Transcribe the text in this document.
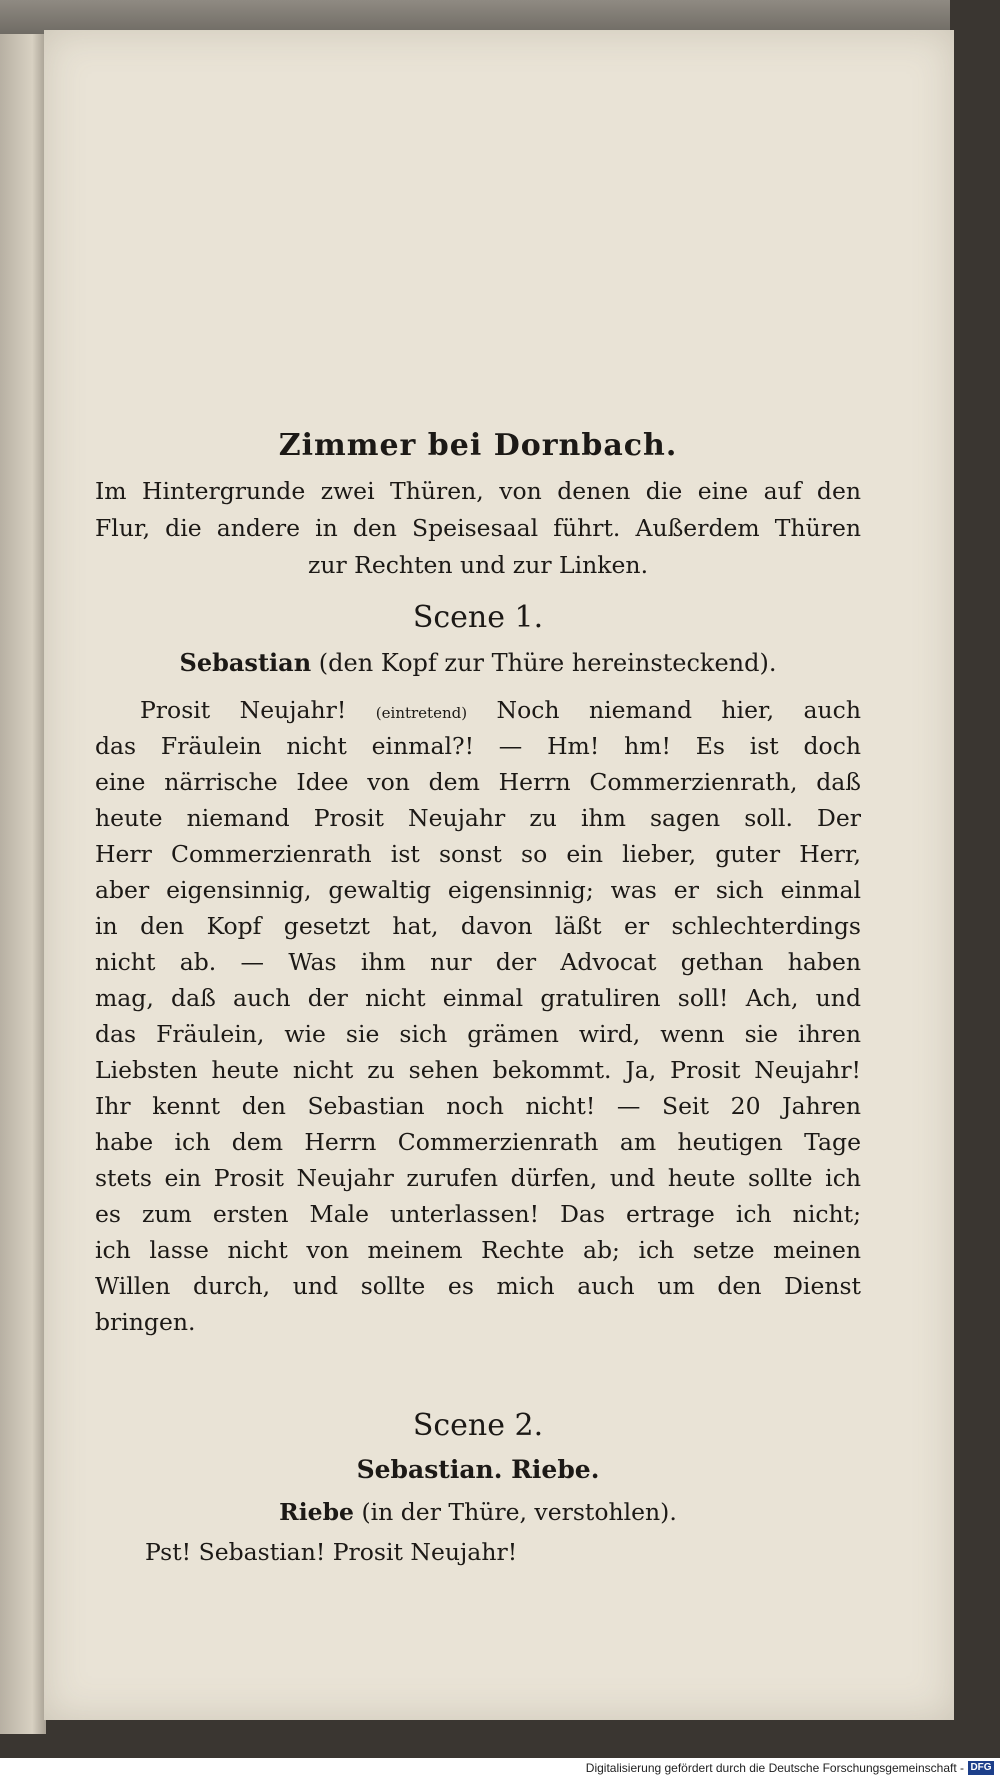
Zimmer bei Dornbach.
Im Hintergrunde zwei Thüren, von denen die eine auf den
Flur, die andere in den Speisesaal führt. Außerdem Thüren
zur Rechten und zur Linken.
Scene 1.
Sebastian (den Kopf zur Thüre hereinsteckend).
Prosit Neujahr! (eintretend) Noch niemand hier, auch
das Fräulein nicht einmal?! — Hm! hm! Es ist doch
eine närrische Idee von dem Herrn Commerzienrath, daß
heute niemand Prosit Neujahr zu ihm sagen soll. Der
Herr Commerzienrath ist sonst so ein lieber, guter Herr,
aber eigensinnig, gewaltig eigensinnig; was er sich einmal
in den Kopf gesetzt hat, davon läßt er schlechterdings
nicht ab. — Was ihm nur der Advocat gethan haben
mag, daß auch der nicht einmal gratuliren soll! Ach, und
das Fräulein, wie sie sich grämen wird, wenn sie ihren
Liebsten heute nicht zu sehen bekommt. Ja, Prosit Neujahr!
Ihr kennt den Sebastian noch nicht! — Seit 20 Jahren
habe ich dem Herrn Commerzienrath am heutigen Tage
stets ein Prosit Neujahr zurufen dürfen, und heute sollte ich
es zum ersten Male unterlassen! Das ertrage ich nicht;
ich lasse nicht von meinem Rechte ab; ich setze meinen
Willen durch, und sollte es mich auch um den Dienst
bringen.
Scene 2.
Sebastian. Riebe.
Riebe (in der Thüre, verstohlen).
Pst! Sebastian! Prosit Neujahr!
Digitalisierung gefördert durch die Deutsche Forschungsgemeinschaft - DFG
